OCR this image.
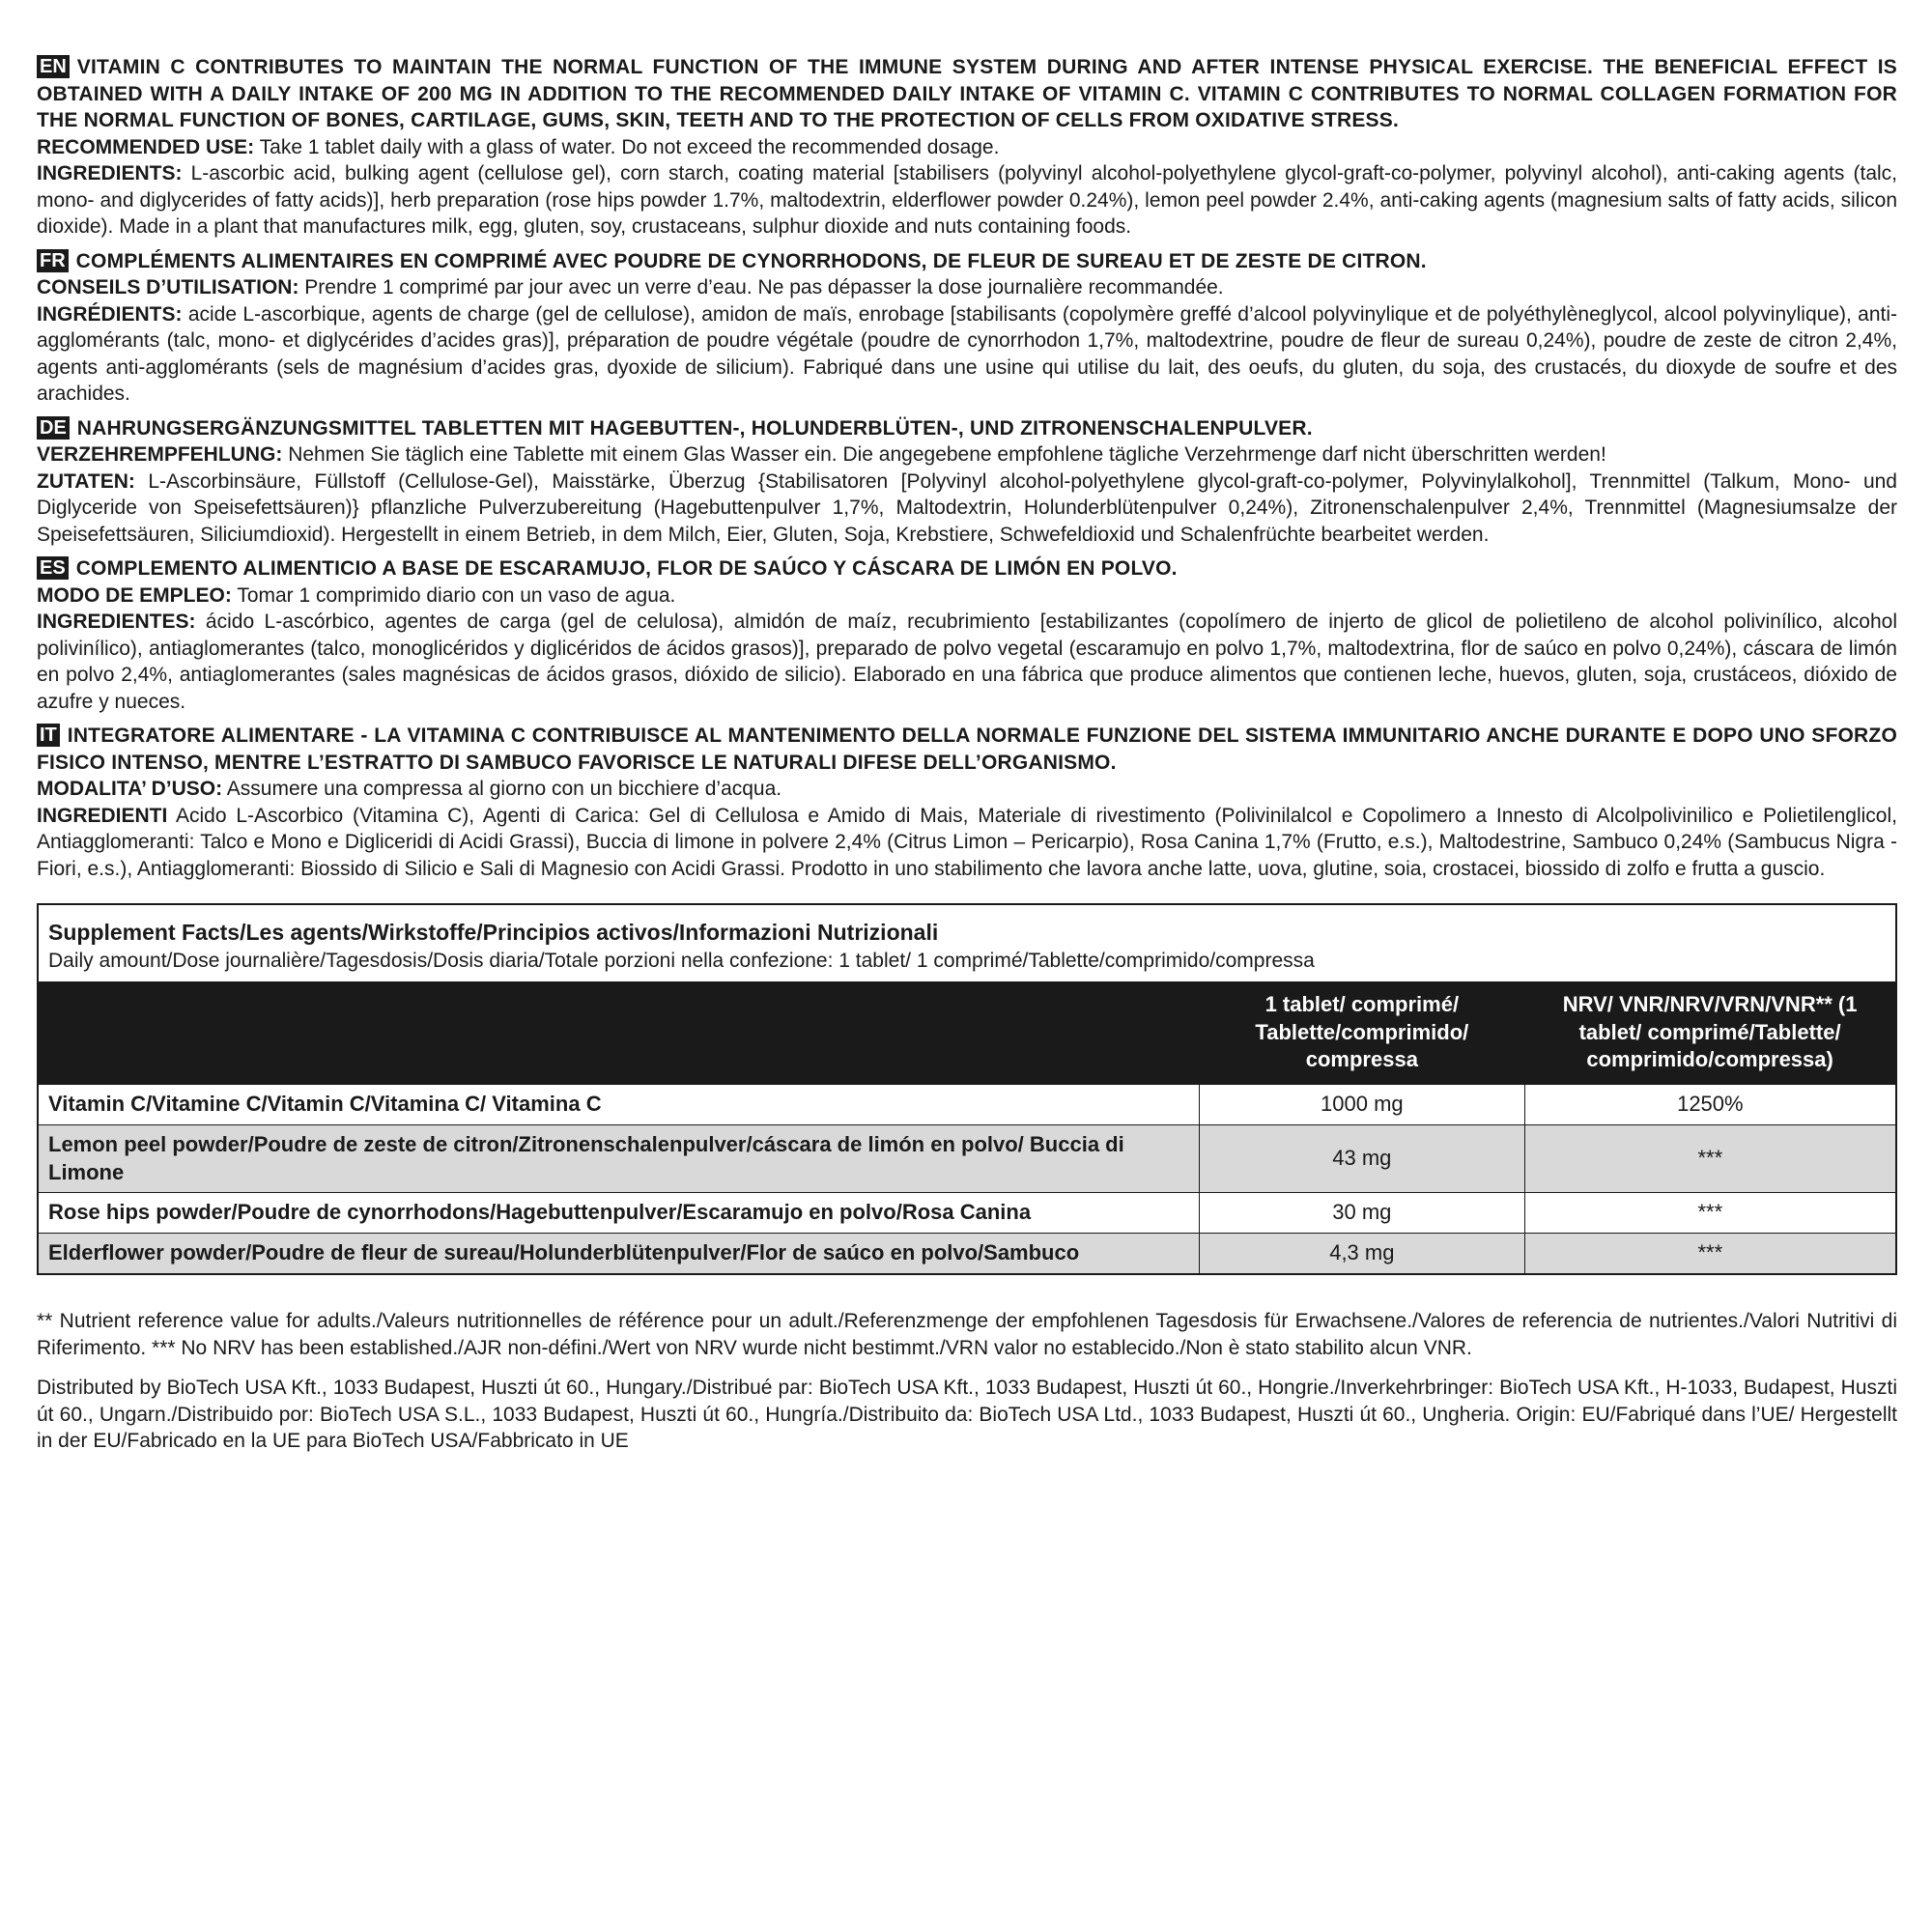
EN VITAMIN C CONTRIBUTES TO MAINTAIN THE NORMAL FUNCTION OF THE IMMUNE SYSTEM DURING AND AFTER INTENSE PHYSICAL EXERCISE. THE BENEFICIAL EFFECT IS OBTAINED WITH A DAILY INTAKE OF 200 MG IN ADDITION TO THE RECOMMENDED DAILY INTAKE OF VITAMIN C. VITAMIN C CONTRIBUTES TO NORMAL COLLAGEN FORMATION FOR THE NORMAL FUNCTION OF BONES, CARTILAGE, GUMS, SKIN, TEETH AND TO THE PROTECTION OF CELLS FROM OXIDATIVE STRESS.

RECOMMENDED USE: Take 1 tablet daily with a glass of water. Do not exceed the recommended dosage.

INGREDIENTS: L-ascorbic acid, bulking agent (cellulose gel), corn starch, coating material [stabilisers (polyvinyl alcohol-polyethylene glycol-graft-co-polymer, polyvinyl alcohol), anti-caking agents (talc, mono- and diglycerides of fatty acids)], herb preparation (rose hips powder 1.7%, maltodextrin, elderflower powder 0.24%), lemon peel powder 2.4%, anti-caking agents (magnesium salts of fatty acids, silicon dioxide). Made in a plant that manufactures milk, egg, gluten, soy, crustaceans, sulphur dioxide and nuts containing foods.

FR COMPLÉMENTS ALIMENTAIRES EN COMPRIMÉ AVEC POUDRE DE CYNORRHODONS, DE FLEUR DE SUREAU ET DE ZESTE DE CITRON.

CONSEILS D’UTILISATION: Prendre 1 comprimé par jour avec un verre d’eau. Ne pas dépasser la dose journalière recommandée.

INGRÉDIENTS: acide L-ascorbique, agents de charge (gel de cellulose), amidon de maïs, enrobage [stabilisants (copolymère greffé d’alcool polyvinylique et de polyéthylèneglycol, alcool polyvinylique), anti-agglomérants (talc, mono- et diglycérides d’acides gras)], préparation de poudre végétale (poudre de cynorrhodon 1,7%, maltodextrine, poudre de fleur de sureau 0,24%), poudre de zeste de citron 2,4%, agents anti-agglomérants (sels de magnésium d’acides gras, dyoxide de silicium). Fabriqué dans une usine qui utilise du lait, des oeufs, du gluten, du soja, des crustacés, du dioxyde de soufre et des arachides.

DE NAHRUNGSERGÄNZUNGSMITTEL TABLETTEN MIT HAGEBUTTEN-, HOLUNDERBLÜTEN-, UND ZITRONENSCHALENPULVER.

VERZEHREMPFEHLUNG: Nehmen Sie täglich eine Tablette mit einem Glas Wasser ein. Die angegebene empfohlene tägliche Verzehrmenge darf nicht überschritten werden!

ZUTATEN: L-Ascorbinsäure, Füllstoff (Cellulose-Gel), Maisstärke, Überzug {Stabilisatoren [Polyvinyl alcohol-polyethylene glycol-graft-co-polymer, Polyvinylalkohol], Trennmittel (Talkum, Mono- und Diglyceride von Speisefettsäuren)} pflanzliche Pulverzubereitung (Hagebuttenpulver 1,7%, Maltodextrin, Holunderblütenpulver 0,24%), Zitronenschalenpulver 2,4%, Trennmittel (Magnesiumsalze der Speisefettsäuren, Siliciumdioxid). Hergestellt in einem Betrieb, in dem Milch, Eier, Gluten, Soja, Krebstiere, Schwefeldioxid und Schalenfrüchte bearbeitet werden.

ES COMPLEMENTO ALIMENTICIO A BASE DE ESCARAMUJO, FLOR DE SAÚCO Y CÁSCARA DE LIMÓN EN POLVO.

MODO DE EMPLEO: Tomar 1 comprimido diario con un vaso de agua.

INGREDIENTES: ácido L-ascórbico, agentes de carga (gel de celulosa), almidón de maíz, recubrimiento [estabilizantes (copolímero de injerto de glicol de polietileno de alcohol polivinílico, alcohol polivinílico), antiaglomerantes (talco, monoglicéridos y diglicéridos de ácidos grasos)], preparado de polvo vegetal (escaramujo en polvo 1,7%, maltodextrina, flor de saúco en polvo 0,24%), cáscara de limón en polvo 2,4%, antiaglomerantes (sales magnésicas de ácidos grasos, dióxido de silicio). Elaborado en una fábrica que produce alimentos que contienen leche, huevos, gluten, soja, crustáceos, dióxido de azufre y nueces.

IT INTEGRATORE ALIMENTARE - LA VITAMINA C CONTRIBUISCE AL MANTENIMENTO DELLA NORMALE FUNZIONE DEL SISTEMA IMMUNITARIO ANCHE DURANTE E DOPO UNO SFORZO FISICO INTENSO, MENTRE L’ESTRATTO DI SAMBUCO FAVORISCE LE NATURALI DIFESE DELL’ORGANISMO.

MODALITA’ D’USO: Assumere una compressa al giorno con un bicchiere d’acqua.

INGREDIENTI Acido L-Ascorbico (Vitamina C), Agenti di Carica: Gel di Cellulosa e Amido di Mais, Materiale di rivestimento (Polivinilalcol e Copolimero a Innesto di Alcolpolivinilico e Polietilenglicol, Antiagglomeranti: Talco e Mono e Digliceridi di Acidi Grassi), Buccia di limone in polvere 2,4% (Citrus Limon – Pericarpio), Rosa Canina 1,7% (Frutto, e.s.), Maltodestrine, Sambuco 0,24% (Sambucus Nigra - Fiori, e.s.), Antiagglomeranti: Biossido di Silicio e Sali di Magnesio con Acidi Grassi. Prodotto in uno stabilimento che lavora anche latte, uova, glutine, soia, crostacei, biossido di zolfo e frutta a guscio.

Supplement Facts/Les agents/Wirkstoffe/Principios activos/Informazioni Nutrizionali
Daily amount/Dose journalière/Tagesdosis/Dosis diaria/Totale porzioni nella confezione: 1 tablet/ 1 comprimé/Tablette/comprimido/compressa		

	1 tablet/ comprimé/ Tablette/comprimido/ compressa	NRV/ VNR/NRV/VRN/VNR** (1 tablet/ comprimé/Tablette/ comprimido/compressa)
Vitamin C/Vitamine C/Vitamin C/Vitamina C/ Vitamina C	1000 mg	1250%
Lemon peel powder/Poudre de zeste de citron/Zitronenschalenpulver/cáscara de limón en polvo/ Buccia di Limone	43 mg	***
Rose hips powder/Poudre de cynorrhodons/Hagebuttenpulver/Escaramujo en polvo/Rosa Canina	30 mg	***
Elderflower powder/Poudre de fleur de sureau/Holunderblütenpulver/Flor de saúco en polvo/Sambuco	4,3 mg	***

** Nutrient reference value for adults./Valeurs nutritionnelles de référence pour un adult./Referenzmenge der empfohlenen Tagesdosis für Erwachsene./Valores de referencia de nutrientes./Valori Nutritivi di Riferimento. *** No NRV has been established./AJR non-défini./Wert von NRV wurde nicht bestimmt./VRN valor no establecido./Non è stato stabilito alcun VNR.

Distributed by BioTech USA Kft., 1033 Budapest, Huszti út 60., Hungary./Distribué par: BioTech USA Kft., 1033 Budapest, Huszti út 60., Hongrie./Inverkehrbringer: BioTech USA Kft., H-1033, Budapest, Huszti út 60., Ungarn./Distribuido por: BioTech USA S.L., 1033 Budapest, Huszti út 60., Hungría./Distribuito da: BioTech USA Ltd., 1033 Budapest, Huszti út 60., Ungheria. Origin: EU/Fabriqué dans l’UE/ Hergestellt in der EU/Fabricado en la UE para BioTech USA/Fabbricato in UE
